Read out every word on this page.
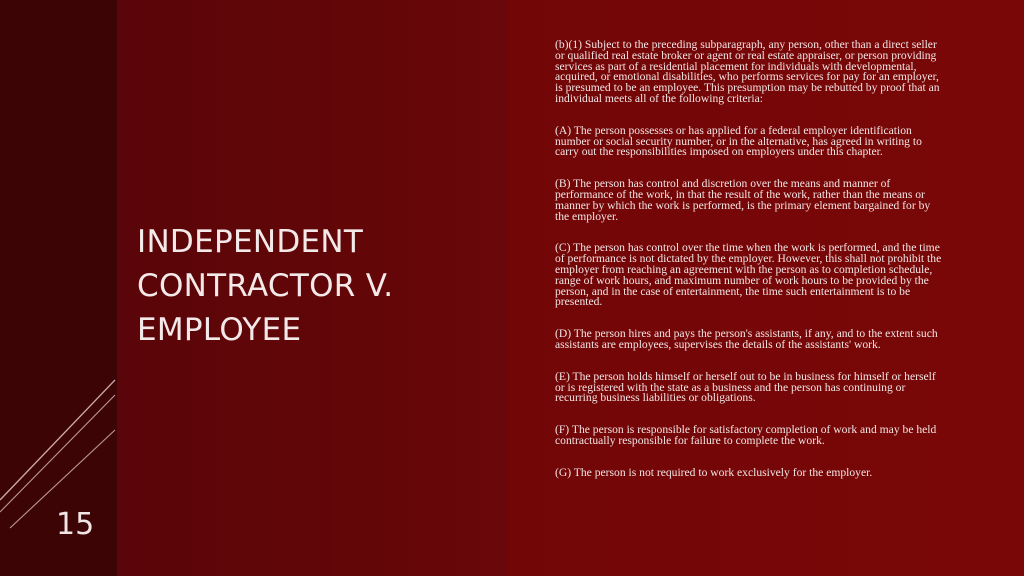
INDEPENDENT
CONTRACTOR V.
EMPLOYEE
15

(b)(1) Subject to the preceding subparagraph, any person, other than a direct seller or qualified real estate broker or agent or real estate appraiser, or person providing services as part of a residential placement for individuals with developmental, acquired, or emotional disabilities, who performs services for pay for an employer, is presumed to be an employee. This presumption may be rebutted by proof that an individual meets all of the following criteria:

(A) The person possesses or has applied for a federal employer identification number or social security number, or in the alternative, has agreed in writing to carry out the responsibilities imposed on employers under this chapter.

(B) The person has control and discretion over the means and manner of performance of the work, in that the result of the work, rather than the means or manner by which the work is performed, is the primary element bargained for by the employer.

(C) The person has control over the time when the work is performed, and the time of performance is not dictated by the employer. However, this shall not prohibit the employer from reaching an agreement with the person as to completion schedule, range of work hours, and maximum number of work hours to be provided by the person, and in the case of entertainment, the time such entertainment is to be presented.

(D) The person hires and pays the person's assistants, if any, and to the extent such assistants are employees, supervises the details of the assistants' work.

(E) The person holds himself or herself out to be in business for himself or herself or is registered with the state as a business and the person has continuing or recurring business liabilities or obligations.

(F) The person is responsible for satisfactory completion of work and may be held contractually responsible for failure to complete the work.

(G) The person is not required to work exclusively for the employer.
